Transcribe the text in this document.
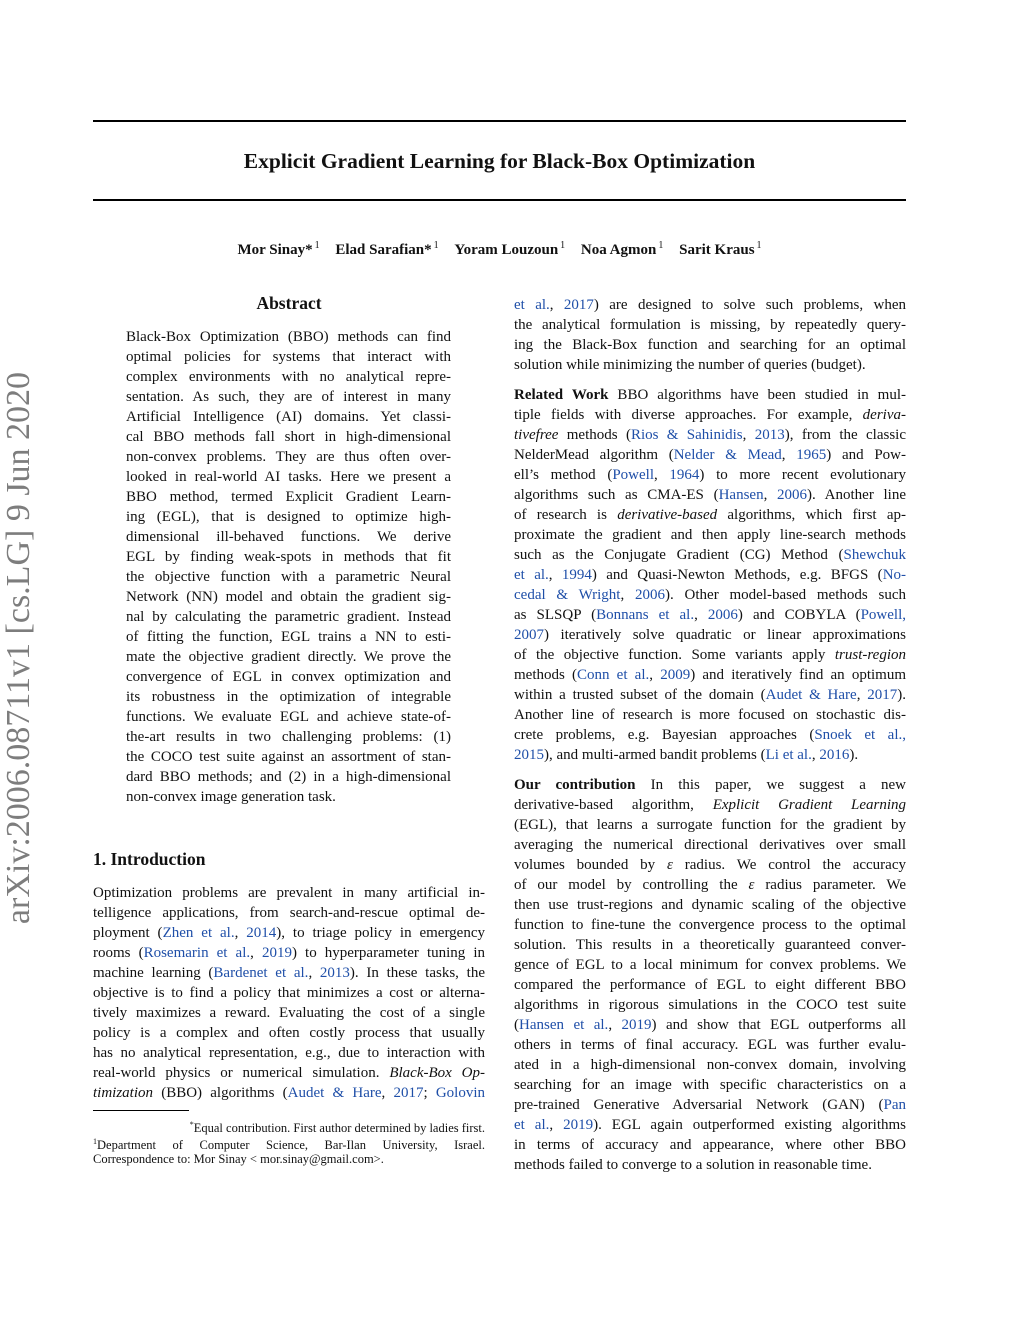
arXiv:2006.08711v1 [cs.LG] 9 Jun 2020
Explicit Gradient Learning for Black-Box Optimization
Mor Sinay* $^1$ Elad Sarafian* $^1$ Yoram Louzoun $^1$ Noa Agmon $^1$ Sarit Kraus $^1$
Abstract
Black-Box Optimization (BBO) methods can find
optimal policies for systems that interact with
complex environments with no analytical repre-
sentation. As such, they are of interest in many
Artificial Intelligence (AI) domains. Yet classi-
cal BBO methods fall short in high-dimensional
non-convex problems. They are thus often over-
looked in real-world AI tasks. Here we present a
BBO method, termed Explicit Gradient Learn-
ing (EGL), that is designed to optimize high-
dimensional ill-behaved functions. We derive
EGL by finding weak-spots in methods that fit
the objective function with a parametric Neural
Network (NN) model and obtain the gradient sig-
nal by calculating the parametric gradient. Instead
of fitting the function, EGL trains a NN to esti-
mate the objective gradient directly. We prove the
convergence of EGL in convex optimization and
its robustness in the optimization of integrable
functions. We evaluate EGL and achieve state-of-
the-art results in two challenging problems: (1)
the COCO test suite against an assortment of stan-
dard BBO methods; and (2) in a high-dimensional
non-convex image generation task.
1. Introduction
Optimization problems are prevalent in many artificial in-
telligence applications, from search-and-rescue optimal de-
ployment (Zhen et al., 2014), to triage policy in emergency
rooms (Rosemarin et al., 2019) to hyperparameter tuning in
machine learning (Bardenet et al., 2013). In these tasks, the
objective is to find a policy that minimizes a cost or alterna-
tively maximizes a reward. Evaluating the cost of a single
policy is a complex and often costly process that usually
has no analytical representation, e.g., due to interaction with
real-world physics or numerical simulation. Black-Box Op-
timization (BBO) algorithms (Audet & Hare, 2017; Golovin
*Equal contribution. First author determined by ladies first.
$^1$Department of Computer Science, Bar-Ilan University, Israel.
Correspondence to: Mor Sinay < mor.sinay@gmail.com>.
et al., 2017) are designed to solve such problems, when
the analytical formulation is missing, by repeatedly query-
ing the Black-Box function and searching for an optimal
solution while minimizing the number of queries (budget).
Related Work BBO algorithms have been studied in mul-
tiple fields with diverse approaches. For example, deriva-
tivefree methods (Rios & Sahinidis, 2013), from the classic
NelderMead algorithm (Nelder & Mead, 1965) and Pow-
ell’s method (Powell, 1964) to more recent evolutionary
algorithms such as CMA-ES (Hansen, 2006). Another line
of research is derivative-based algorithms, which first ap-
proximate the gradient and then apply line-search methods
such as the Conjugate Gradient (CG) Method (Shewchuk
et al., 1994) and Quasi-Newton Methods, e.g. BFGS (No-
cedal & Wright, 2006). Other model-based methods such
as SLSQP (Bonnans et al., 2006) and COBYLA (Powell,
2007) iteratively solve quadratic or linear approximations
of the objective function. Some variants apply trust-region
methods (Conn et al., 2009) and iteratively find an optimum
within a trusted subset of the domain (Audet & Hare, 2017).
Another line of research is more focused on stochastic dis-
crete problems, e.g. Bayesian approaches (Snoek et al.,
2015), and multi-armed bandit problems (Li et al., 2016).
Our contribution In this paper, we suggest a new
derivative-based algorithm, Explicit Gradient Learning
(EGL), that learns a surrogate function for the gradient by
averaging the numerical directional derivatives over small
volumes bounded by ε radius. We control the accuracy
of our model by controlling the ε radius parameter. We
then use trust-regions and dynamic scaling of the objective
function to fine-tune the convergence process to the optimal
solution. This results in a theoretically guaranteed conver-
gence of EGL to a local minimum for convex problems. We
compared the performance of EGL to eight different BBO
algorithms in rigorous simulations in the COCO test suite
(Hansen et al., 2019) and show that EGL outperforms all
others in terms of final accuracy. EGL was further evalu-
ated in a high-dimensional non-convex domain, involving
searching for an image with specific characteristics on a
pre-trained Generative Adversarial Network (GAN) (Pan
et al., 2019). EGL again outperformed existing algorithms
in terms of accuracy and appearance, where other BBO
methods failed to converge to a solution in reasonable time.
